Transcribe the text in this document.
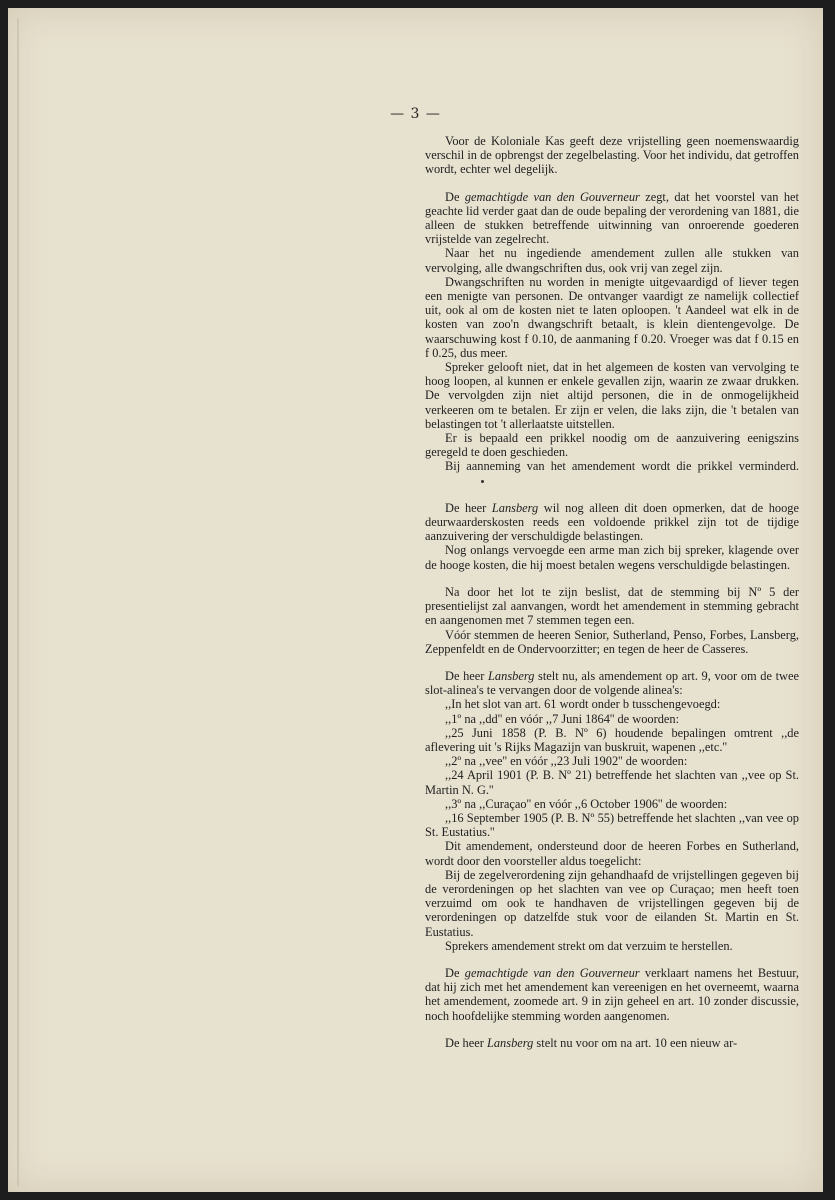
— 3 —

Voor de Koloniale Kas geeft deze vrijstelling geen noemenswaardig verschil in de opbrengst der zegelbelasting. Voor het individu, dat getroffen wordt, echter wel degelijk.

De gemachtigde van den Gouverneur zegt, dat het voorstel van het geachte lid verder gaat dan de oude bepaling der verordening van 1881, die alleen de stukken betreffende uitwinning van onroerende goederen vrijstelde van zegelrecht.

Naar het nu ingediende amendement zullen alle stukken van vervolging, alle dwangschriften dus, ook vrij van zegel zijn.

Dwangschriften nu worden in menigte uitgevaardigd of liever tegen een menigte van personen. De ontvanger vaardigt ze namelijk collectief uit, ook al om de kosten niet te laten oploopen. 't Aandeel wat elk in de kosten van zoo'n dwangschrift betaalt, is klein dientengevolge. De waarschuwing kost f 0.10, de aanmaning f 0.20. Vroeger was dat f 0.15 en f 0.25, dus meer.

Spreker gelooft niet, dat in het algemeen de kosten van vervolging te hoog loopen, al kunnen er enkele gevallen zijn, waarin ze zwaar drukken. De vervolgden zijn niet altijd personen, die in de onmogelijkheid verkeeren om te betalen. Er zijn er velen, die laks zijn, die 't betalen van belastingen tot 't allerlaatste uitstellen.

Er is bepaald een prikkel noodig om de aanzuivering eenigszins geregeld te doen geschieden.

Bij aanneming van het amendement wordt die prikkel verminderd.

De heer Lansberg wil nog alleen dit doen opmerken, dat de hooge deurwaarderskosten reeds een voldoende prikkel zijn tot de tijdige aanzuivering der verschuldigde belastingen.

Nog onlangs vervoegde een arme man zich bij spreker, klagende over de hooge kosten, die hij moest betalen wegens verschuldigde belastingen.

Na door het lot te zijn beslist, dat de stemming bij Nº 5 der presentielijst zal aanvangen, wordt het amendement in stemming gebracht en aangenomen met 7 stemmen tegen een.

Vóór stemmen de heeren Senior, Sutherland, Penso, Forbes, Lansberg, Zeppenfeldt en de Ondervoorzitter; en tegen de heer de Casseres.

De heer Lansberg stelt nu, als amendement op art. 9, voor om de twee slot-alinea's te vervangen door de volgende alinea's:

,,In het slot van art. 61 wordt onder b tusschengevoegd:

,,1º na ,,dd'' en vóór ,,7 Juni 1864'' de woorden:

,,25 Juni 1858 (P. B. Nº 6) houdende bepalingen omtrent ,,de aflevering uit 's Rijks Magazijn van buskruit, wapenen ,,etc.''

,,2º na ,,vee'' en vóór ,,23 Juli 1902'' de woorden:

,,24 April 1901 (P. B. Nº 21) betreffende het slachten van ,,vee op St. Martin N. G.''

,,3º na ,,Curaçao'' en vóór ,,6 October 1906'' de woorden:

,,16 September 1905 (P. B. Nº 55) betreffende het slachten ,,van vee op St. Eustatius.''

Dit amendement, ondersteund door de heeren Forbes en Sutherland, wordt door den voorsteller aldus toegelicht:

Bij de zegelverordening zijn gehandhaafd de vrijstellingen gegeven bij de verordeningen op het slachten van vee op Curaçao; men heeft toen verzuimd om ook te handhaven de vrijstellingen gegeven bij de verordeningen op datzelfde stuk voor de eilanden St. Martin en St. Eustatius.

Sprekers amendement strekt om dat verzuim te herstellen.

De gemachtigde van den Gouverneur verklaart namens het Bestuur, dat hij zich met het amendement kan vereenigen en het overneemt, waarna het amendement, zoomede art. 9 in zijn geheel en art. 10 zonder discussie, noch hoofdelijke stemming worden aangenomen.

De heer Lansberg stelt nu voor om na art. 10 een nieuw ar-
